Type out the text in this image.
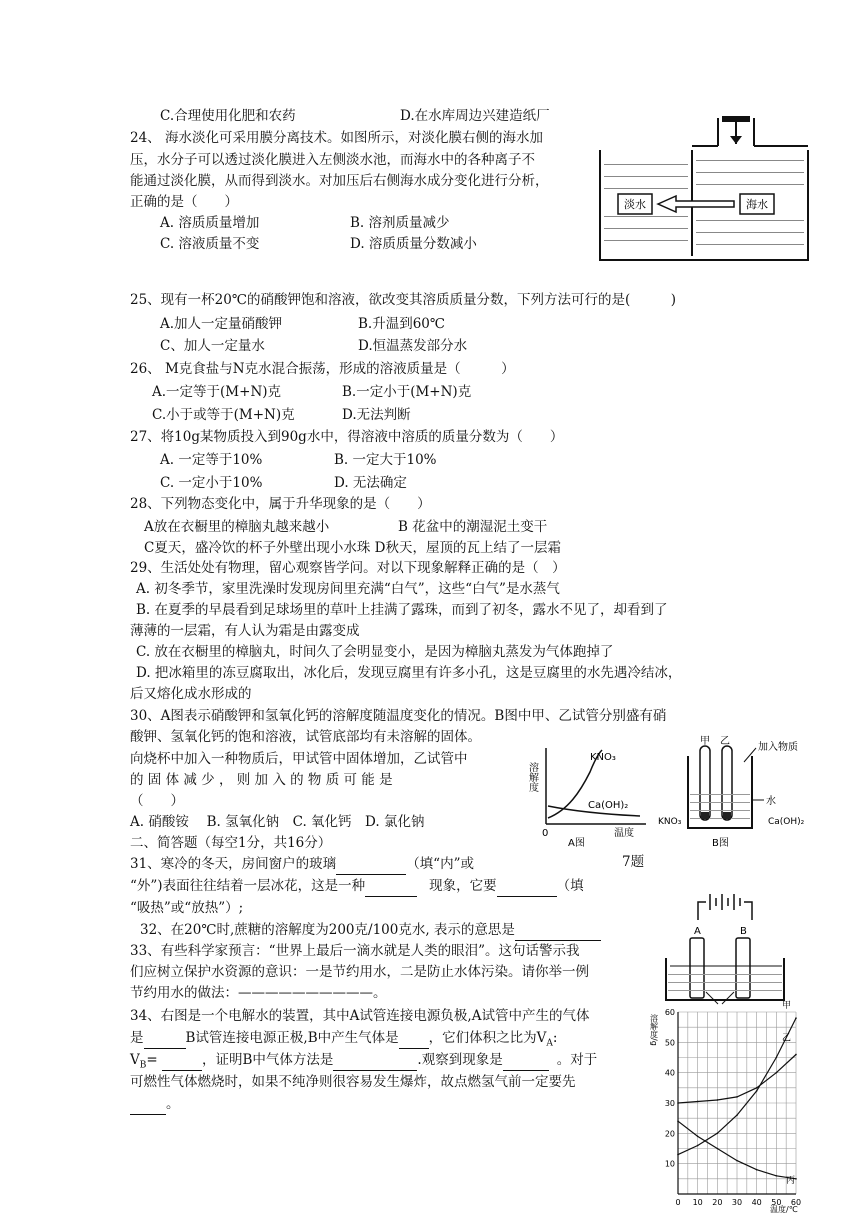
C.合理使用化肥和农药	D.在水库周边兴建造纸厂
24、 海水淡化可采用膜分离技术。如图所示，对淡化膜右侧的海水加
压，水分子可以透过淡化膜进入左侧淡水池，而海水中的各种离子不
能通过淡化膜，从而得到淡水。对加压后右侧海水成分变化进行分析，
正确的是（　　）
A. 溶质质量增加	B. 溶剂质量减少
C. 溶液质量不变	D. 溶质质量分数减小
淡水	海水
25、现有一杯20℃的硝酸钾饱和溶液，欲改变其溶质质量分数，下列方法可行的是(　　　)
A.加人一定量硝酸钾	B.升温到60℃
C、加人一定量水	D.恒温蒸发部分水
26、 M克食盐与N克水混合振荡，形成的溶液质量是（　　　）
A.一定等于(M+N)克	B.一定小于(M+N)克
C.小于或等于(M+N)克	D.无法判断
27、将10g某物质投入到90g水中，得溶液中溶质的质量分数为（　　）
A. 一定等于10%	B. 一定大于10%
C. 一定小于10%	D. 无法确定
28、下列物态变化中，属于升华现象的是（　　）
A放在衣橱里的樟脑丸越来越小	B 花盆中的潮湿泥土变干
C夏天，盛冷饮的杯子外壁出现小水珠 D秋天，屋顶的瓦上结了一层霜
29、生活处处有物理，留心观察皆学问。对以下现象解释正确的是（　）
A. 初冬季节，家里洗澡时发现房间里充满“白气”，这些“白气”是水蒸气
B. 在夏季的早晨看到足球场里的草叶上挂满了露珠，而到了初冬，露水不见了，却看到了
薄薄的一层霜，有人认为霜是由露变成
C. 放在衣橱里的樟脑丸，时间久了会明显变小，是因为樟脑丸蒸发为气体跑掉了
D. 把冰箱里的冻豆腐取出，冰化后，发现豆腐里有许多小孔，这是豆腐里的水先遇冷结冰，
后又熔化成水形成的
30、A图表示硝酸钾和氢氧化钙的溶解度随温度变化的情况。B图中甲、乙试管分别盛有硝
酸钾、氢氧化钙的饱和溶液，试管底部均有未溶解的固体。
向烧杯中加入一种物质后，甲试管中固体增加，乙试管中
的 固 体 减 少 ， 则 加 入 的 物 质 可 能 是
（　　）
A. 硝酸铵　 B. 氢氧化钠　C. 氧化钙　D. 氯化钠
溶解度
KNO₃
Ca(OH)₂
0	温度
A图
甲 乙
加入物质
水
KNO₃	Ca(OH)₂
B图
二、简答题（每空1分，共16分）
31、寒冷的冬天，房间窗户的玻璃	（填“内”或	7题
“外”)表面往往结着一层冰花，这是一种	现象，它要	（填
“吸热”或“放热”）;
32、在20℃时,蔗糖的溶解度为200克/100克水, 表示的意思是
33、有些科学家预言：“世界上最后一滴水就是人类的眼泪”。这句话警示我
们应树立保护水资源的意识：一是节约用水，二是防止水体污染。请你举一例
节约用水的做法：——————————。
34、右图是一个电解水的装置，其中A试管连接电源负极,A试管中产生的气体
是	B试管连接电源正极,B中产生气体是 ，它们体积之比为$V_A$:
$V_B=$	，证明B中气体方法是	.观察到现象是	。对于
可燃性气体燃烧时，如果不纯净则很容易发生爆炸，故点燃氢气前一定要先
。
A	B
溶解度/g
10
20
30
40
50
60
0 10 20 30 40 50 60
甲
乙
丙
温度/℃
